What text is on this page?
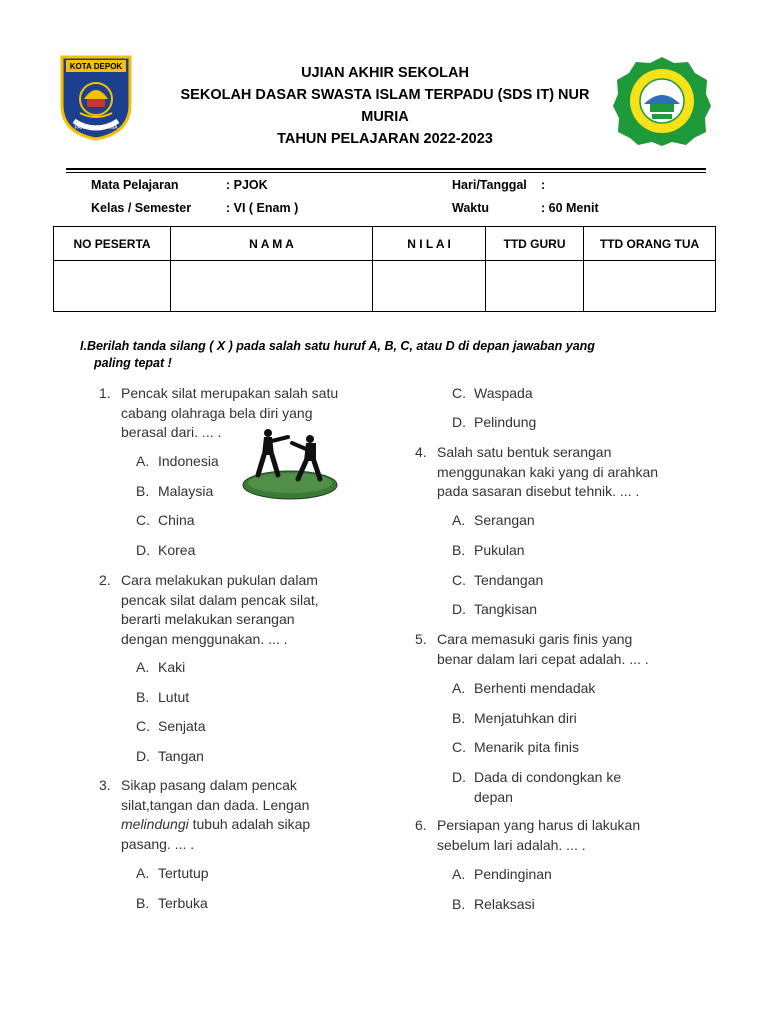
KOTA DEPOK
PARCARA DARMA
UJIAN AKHIR SEKOLAH
SEKOLAH DASAR SWASTA ISLAM TERPADU (SDS IT) NUR
MURIA
TAHUN PELAJARAN 2022-2023
Mata Pelajaran	: PJOK	Hari/Tanggal :
Kelas / Semester	: VI ( Enam )	Waktu	: 60 Menit
NO PESERTA	N A M A	N I L A I	TTD GURU	TTD ORANG TUA

I.Berilah tanda silang ( X ) pada salah satu huruf A, B, C, atau D di depan jawaban yang
paling tepat !
1. Pencak silat merupakan salah satu
cabang olahraga bela diri yang
berasal dari. ... .
A. Indonesia
B. Malaysia
C. China
D. Korea
2. Cara melakukan pukulan dalam
pencak silat dalam pencak silat,
berarti melakukan serangan
dengan menggunakan. ... .
A. Kaki
B. Lutut
C. Senjata
D. Tangan
3. Sikap pasang dalam pencak
silat,tangan dan dada. Lengan
melindungi tubuh adalah sikap
pasang. ... .
A. Tertutup
B. Terbuka
C. Waspada
D. Pelindung
4. Salah satu bentuk serangan
menggunakan kaki yang di arahkan
pada sasaran disebut tehnik. ... .
A. Serangan
B. Pukulan
C. Tendangan
D. Tangkisan
5. Cara memasuki garis finis yang
benar dalam lari cepat adalah. ... .
A. Berhenti mendadak
B. Menjatuhkan diri
C. Menarik pita finis
D. Dada di condongkan ke
depan
6. Persiapan yang harus di lakukan
sebelum lari adalah. ... .
A. Pendinginan
B. Relaksasi
